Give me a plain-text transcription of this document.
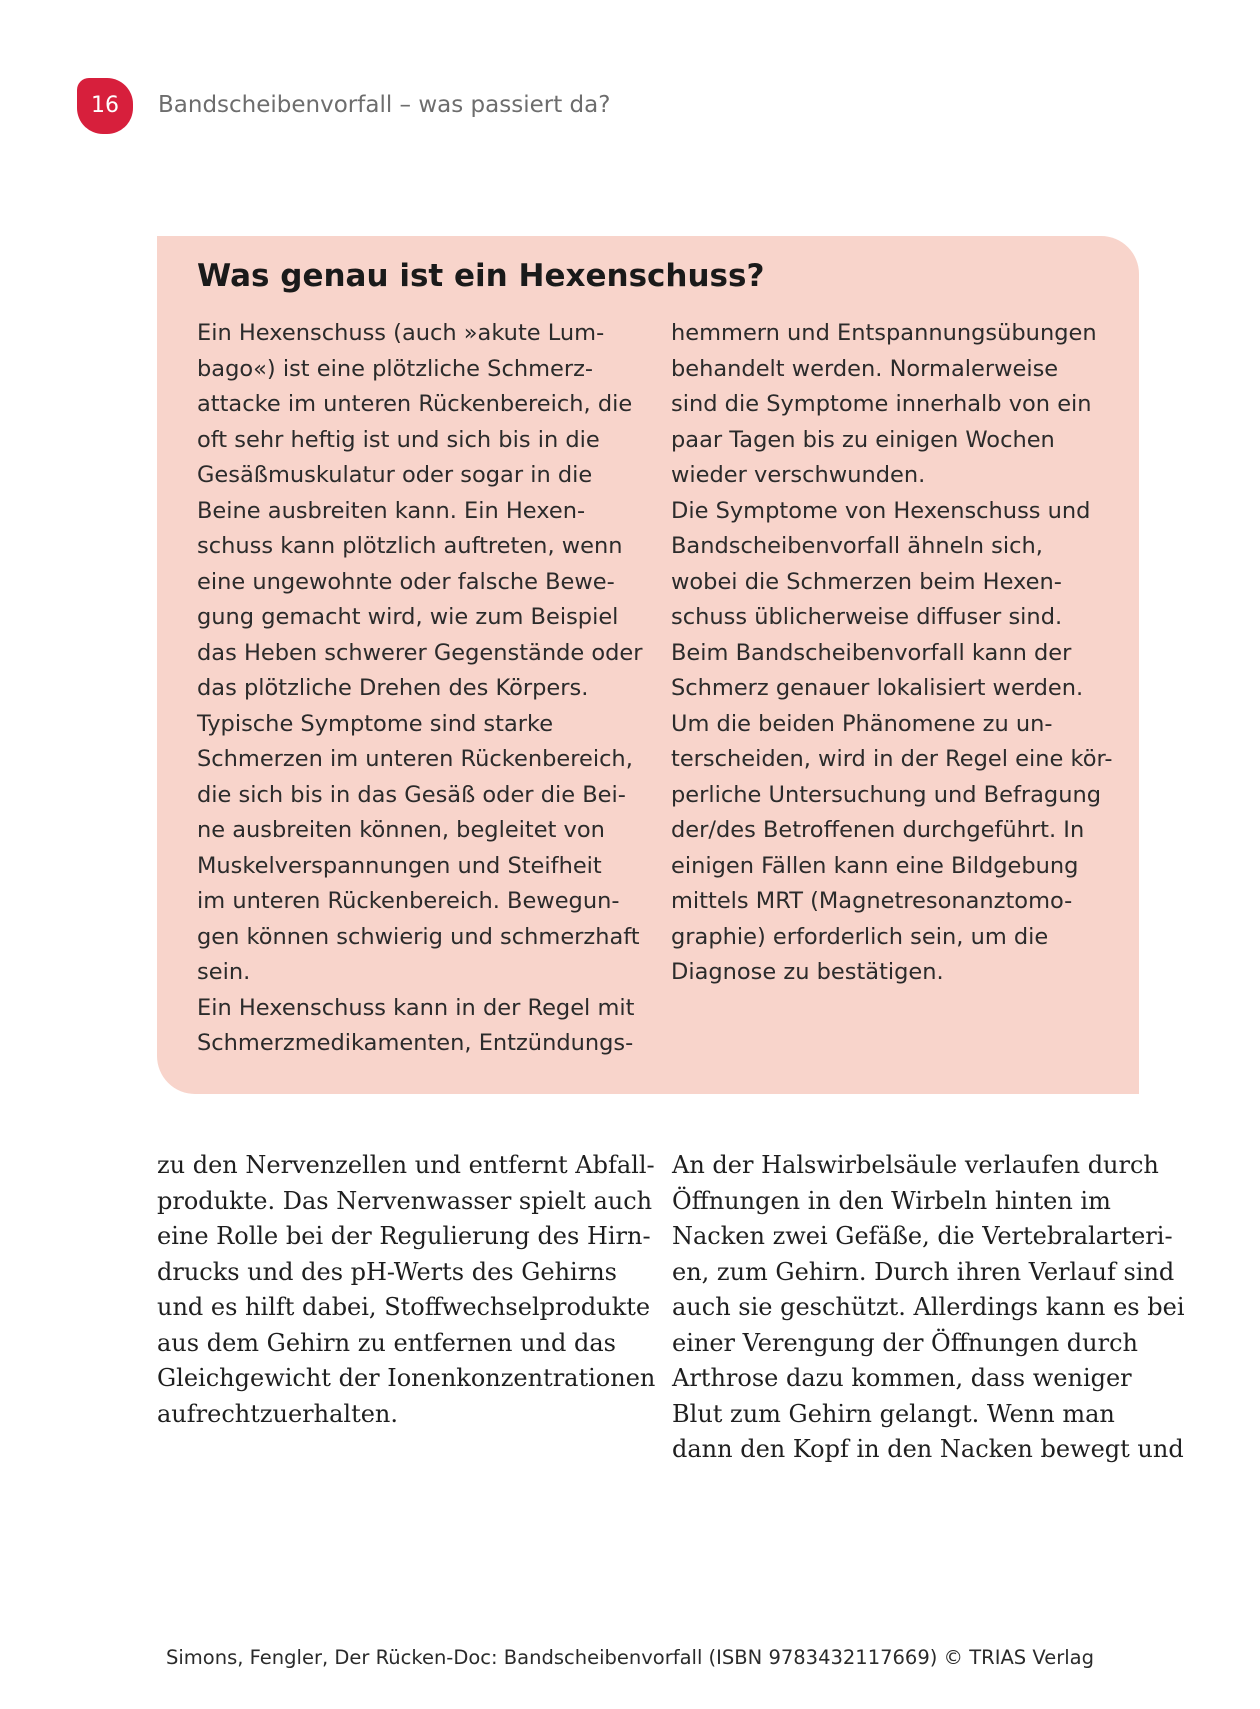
16	Bandscheibenvorfall – was passiert da?
Was genau ist ein Hexenschuss?
Ein Hexenschuss (auch »akute Lum-
bago«) ist eine plötzliche Schmerz-
attacke im unteren Rückenbereich, die
oft sehr heftig ist und sich bis in die
Gesäßmuskulatur oder sogar in die
Beine ausbreiten kann. Ein Hexen-
schuss kann plötzlich auftreten, wenn
eine ungewohnte oder falsche Bewe-
gung gemacht wird, wie zum Beispiel
das Heben schwerer Gegenstände oder
das plötzliche Drehen des Körpers.
Typische Symptome sind starke
Schmerzen im unteren Rückenbereich,
die sich bis in das Gesäß oder die Bei-
ne ausbreiten können, begleitet von
Muskelverspannungen und Steifheit
im unteren Rückenbereich. Bewegun-
gen können schwierig und schmerzhaft
sein.
Ein Hexenschuss kann in der Regel mit
Schmerzmedikamenten, Entzündungs-
hemmern und Entspannungsübungen
behandelt werden. Normalerweise
sind die Symptome innerhalb von ein
paar Tagen bis zu einigen Wochen
wieder verschwunden.
Die Symptome von Hexenschuss und
Bandscheibenvorfall ähneln sich,
wobei die Schmerzen beim Hexen-
schuss üblicherweise diffuser sind.
Beim Bandscheibenvorfall kann der
Schmerz genauer lokalisiert werden.
Um die beiden Phänomene zu un-
terscheiden, wird in der Regel eine kör-
perliche Untersuchung und Befragung
der/des Betroffenen durchgeführt. In
einigen Fällen kann eine Bildgebung
mittels MRT (Magnetresonanztomo-
graphie) erforderlich sein, um die
Diagnose zu bestätigen.
zu den Nervenzellen und entfernt Abfall-
produkte. Das Nervenwasser spielt auch
eine Rolle bei der Regulierung des Hirn-
drucks und des pH-Werts des Gehirns
und es hilft dabei, Stoffwechselprodukte
aus dem Gehirn zu entfernen und das
Gleichgewicht der Ionenkonzentrationen
aufrechtzuerhalten.
An der Halswirbelsäule verlaufen durch
Öffnungen in den Wirbeln hinten im
Nacken zwei Gefäße, die Vertebralarteri-
en, zum Gehirn. Durch ihren Verlauf sind
auch sie geschützt. Allerdings kann es bei
einer Verengung der Öffnungen durch
Arthrose dazu kommen, dass weniger
Blut zum Gehirn gelangt. Wenn man
dann den Kopf in den Nacken bewegt und
Simons, Fengler, Der Rücken-Doc: Bandscheibenvorfall (ISBN 9783432117669) © TRIAS Verlag
